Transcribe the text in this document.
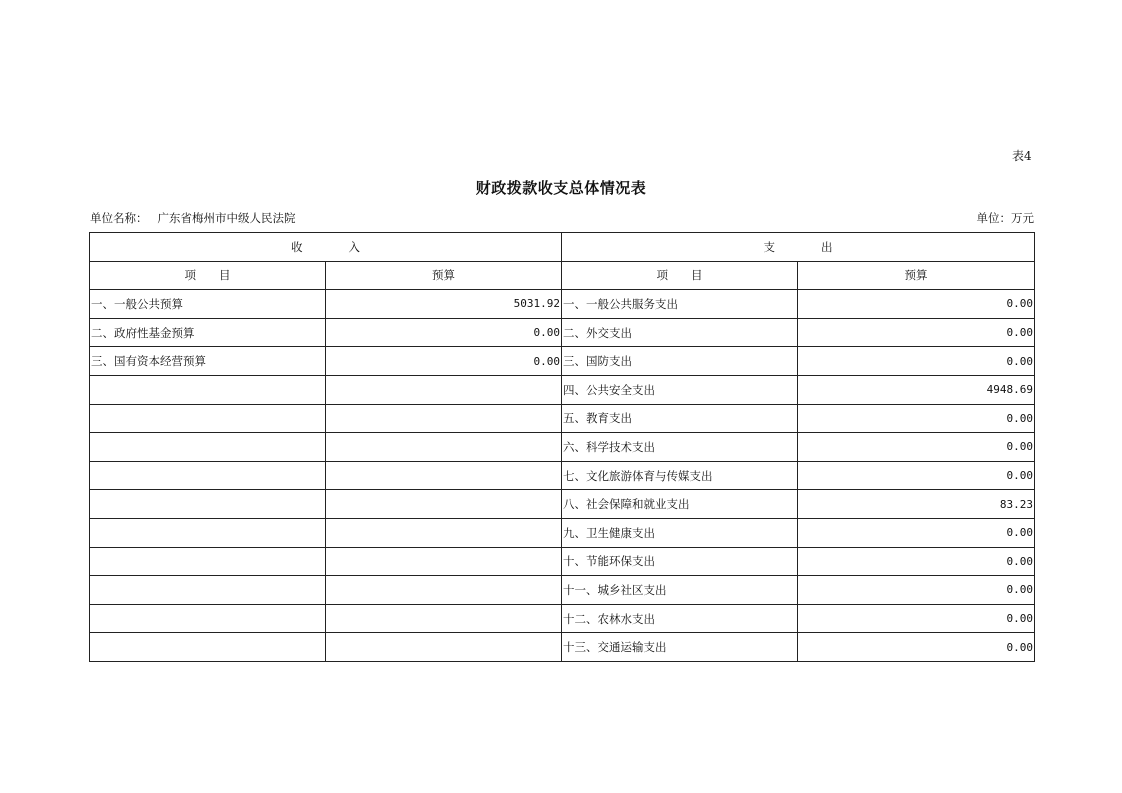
表4
财政拨款收支总体情况表
单位名称： 广东省梅州市中级人民法院	单位：万元
收　　　　入		支　　　　出	
项　　目	预算	项　　目	预算
一、一般公共预算	5031.92	一、一般公共服务支出	0.00
二、政府性基金预算	0.00	二、外交支出	0.00
三、国有资本经营预算	0.00	三、国防支出	0.00
		四、公共安全支出	4948.69
		五、教育支出	0.00
		六、科学技术支出	0.00
		七、文化旅游体育与传媒支出	0.00
		八、社会保障和就业支出	83.23
		九、卫生健康支出	0.00
		十、节能环保支出	0.00
		十一、城乡社区支出	0.00
		十二、农林水支出	0.00
		十三、交通运输支出	0.00
